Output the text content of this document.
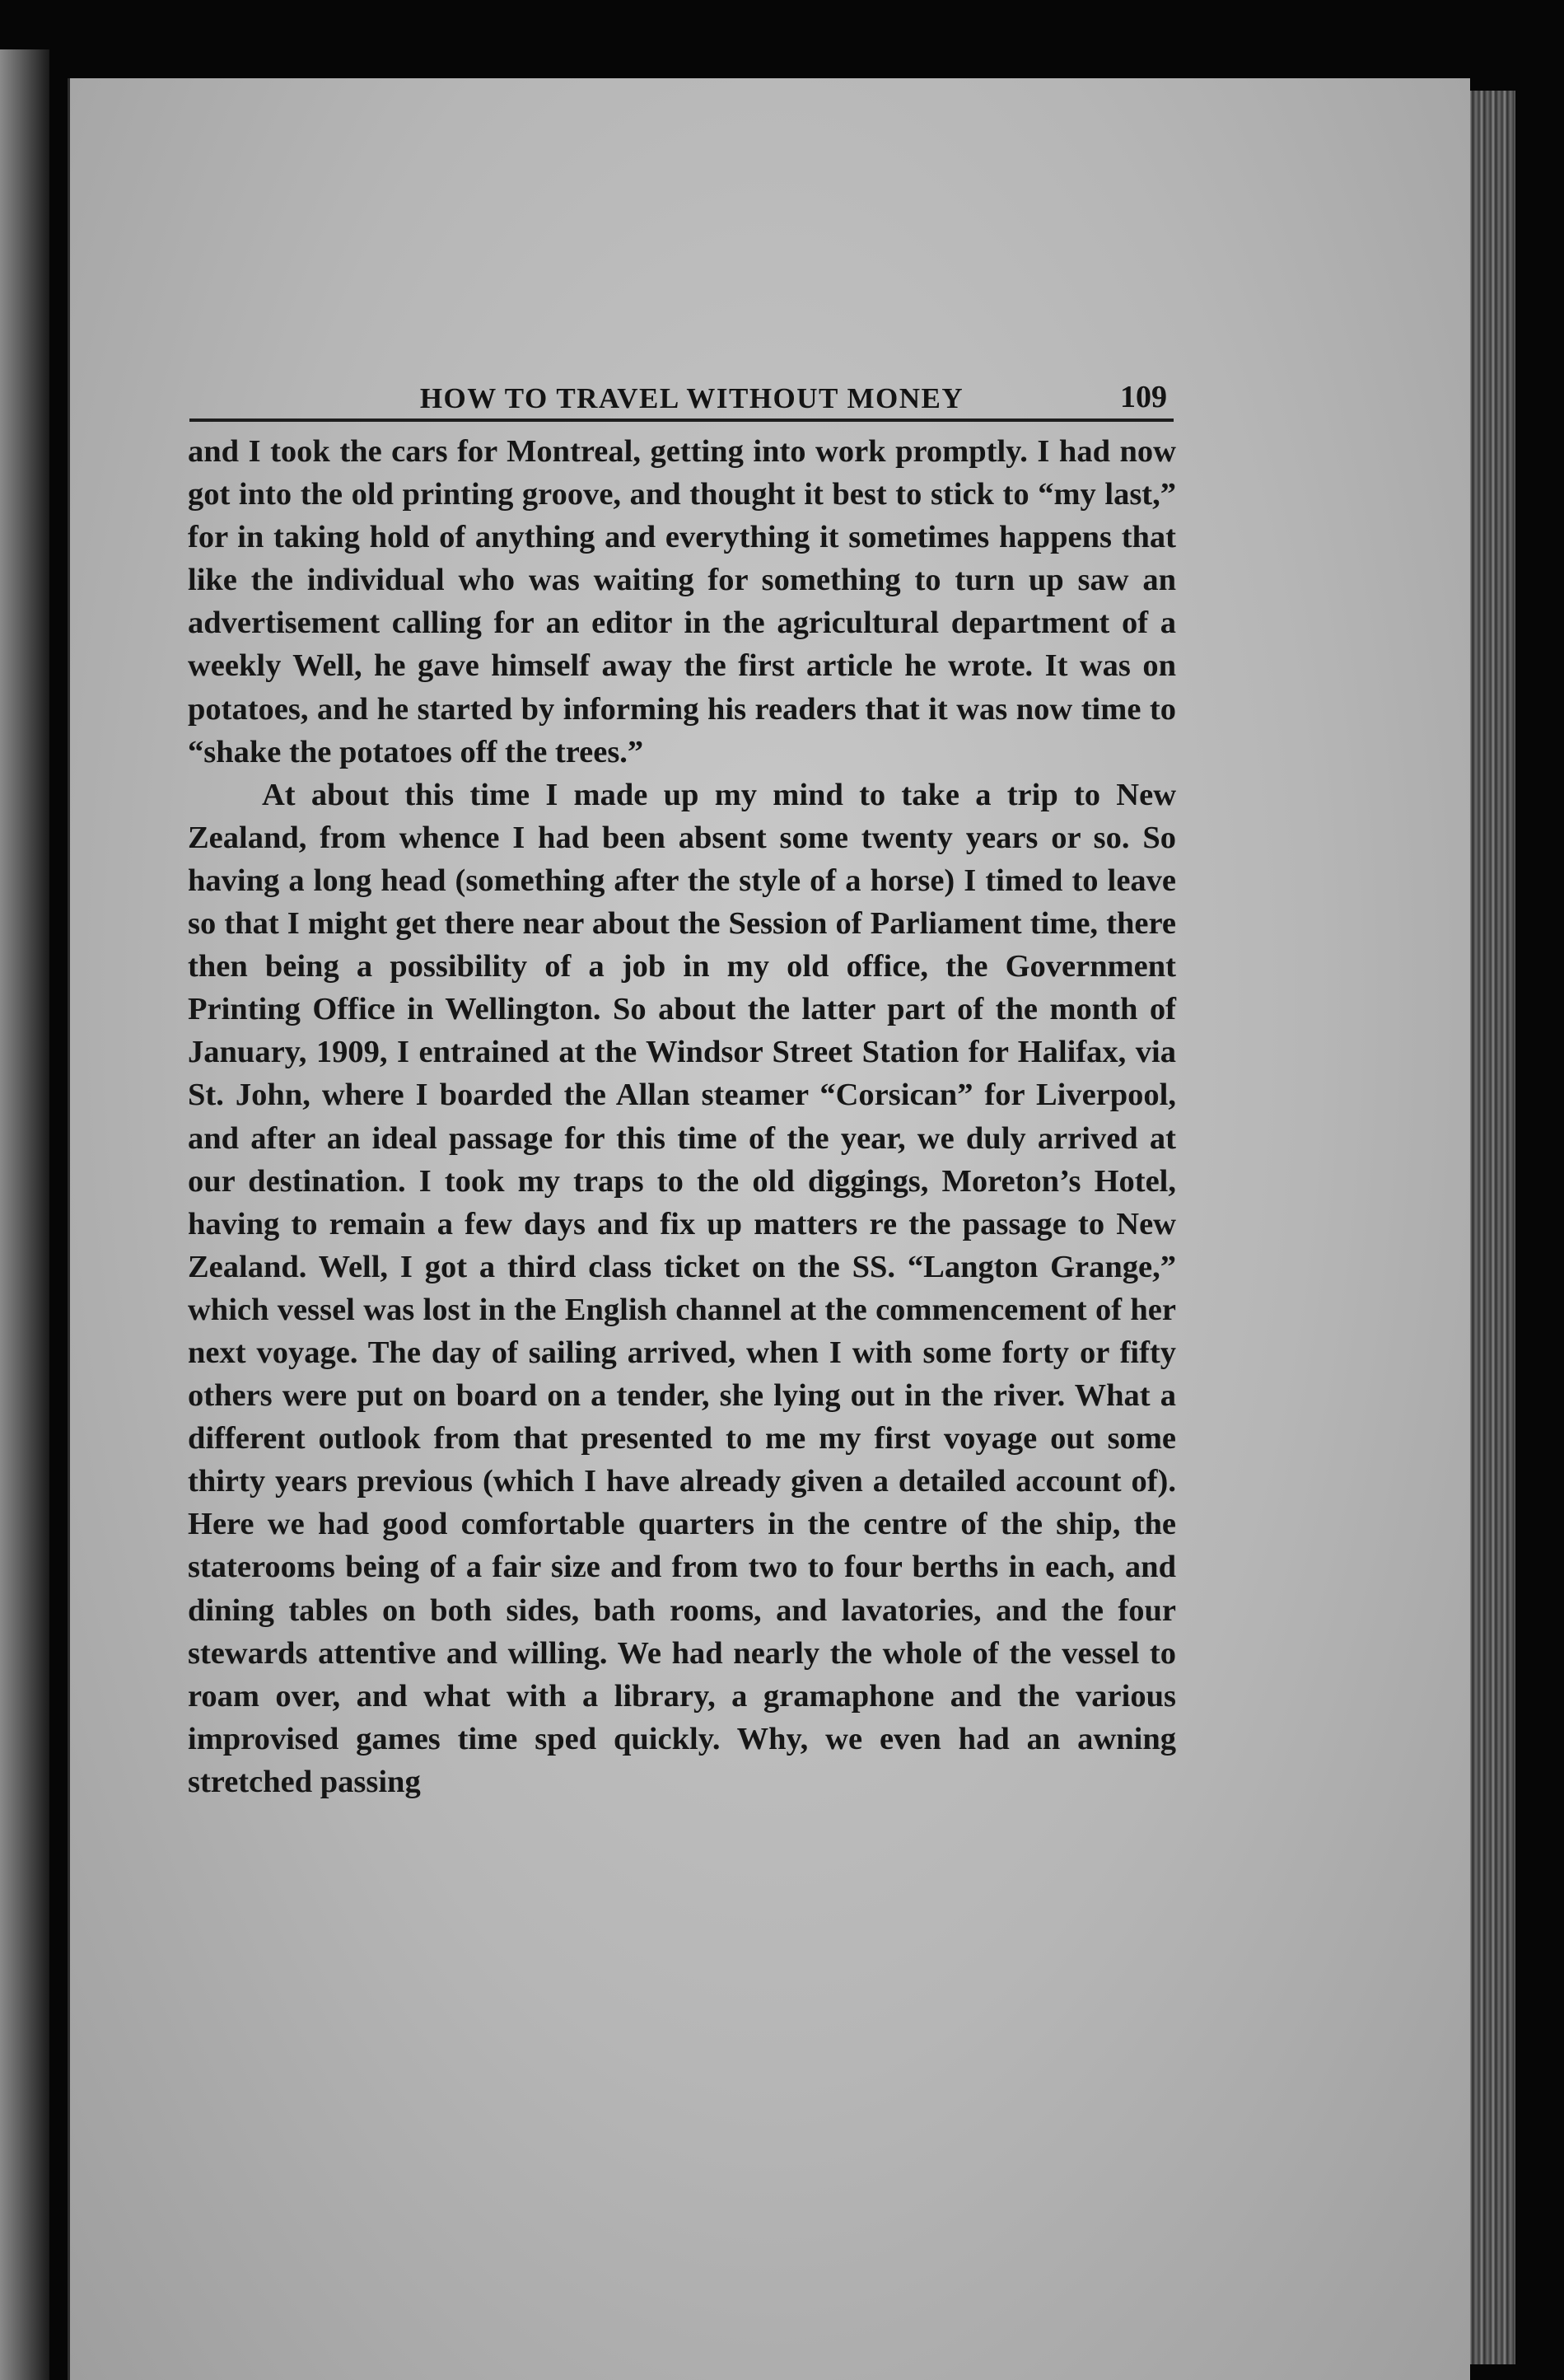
HOW TO TRAVEL WITHOUT MONEY	109

and I took the cars for Montreal, getting into work promptly. I had now got into the old printing groove, and thought it best to stick to “my last,” for in taking hold of anything and everything it sometimes happens that like the individual who was waiting for something to turn up saw an advertisement calling for an editor in the agricultural department of a weekly Well, he gave himself away the first article he wrote. It was on potatoes, and he started by informing his readers that it was now time to “shake the potatoes off the trees.”

At about this time I made up my mind to take a trip to New Zealand, from whence I had been absent some twenty years or so. So having a long head (something after the style of a horse) I timed to leave so that I might get there near about the Session of Parliament time, there then being a possibility of a job in my old office, the Government Printing Office in Wellington. So about the latter part of the month of January, 1909, I entrained at the Windsor Street Station for Halifax, via St. John, where I boarded the Allan steamer “Corsican” for Liverpool, and after an ideal passage for this time of the year, we duly arrived at our destination. I took my traps to the old diggings, Moreton’s Hotel, having to remain a few days and fix up matters re the passage to New Zealand. Well, I got a third class ticket on the SS. “Langton Grange,” which vessel was lost in the English channel at the commencement of her next voyage. The day of sailing arrived, when I with some forty or fifty others were put on board on a tender, she lying out in the river. What a different outlook from that presented to me my first voyage out some thirty years previous (which I have already given a detailed account of). Here we had good comfortable quarters in the centre of the ship, the staterooms being of a fair size and from two to four berths in each, and dining tables on both sides, bath rooms, and lavatories, and the four stewards attentive and willing. We had nearly the whole of the vessel to roam over, and what with a library, a gramaphone and the various improvised games time sped quickly. Why, we even had an awning stretched passing
